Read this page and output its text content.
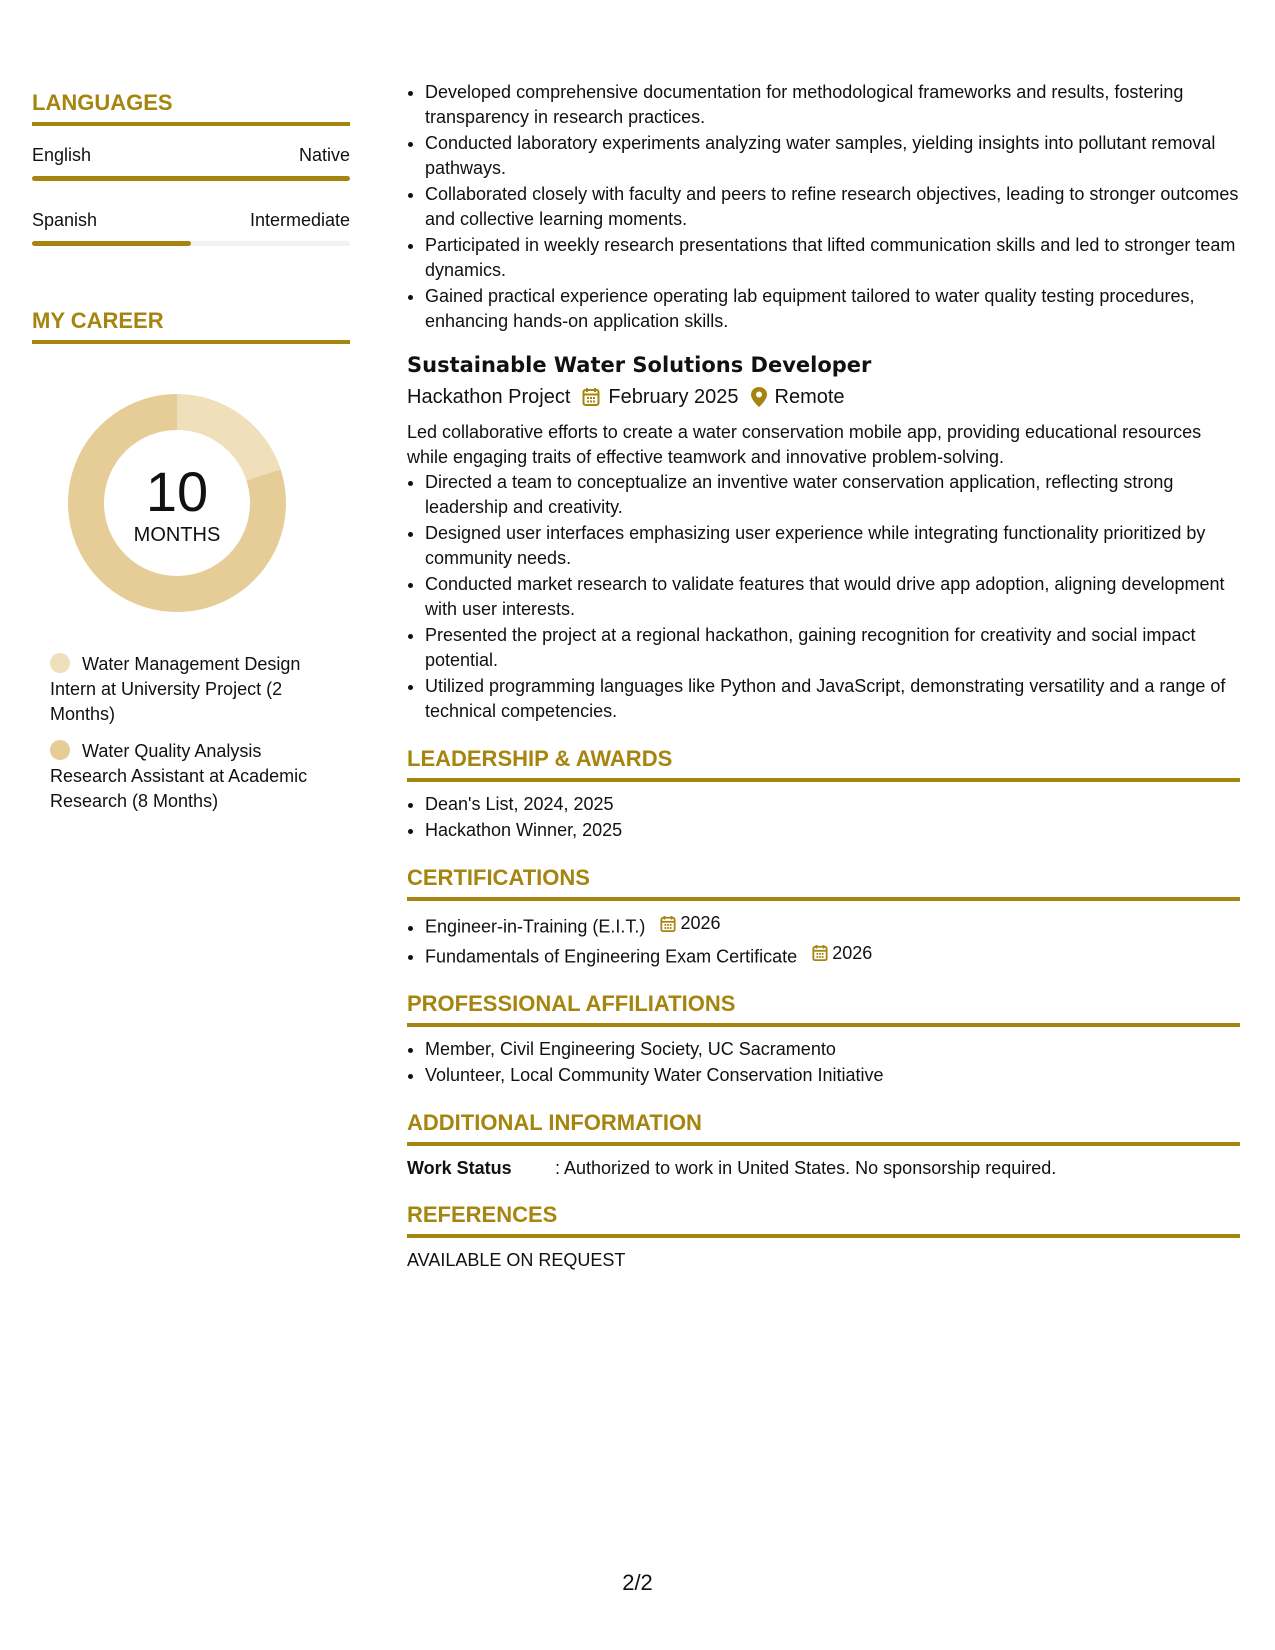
LANGUAGES
English	Native
Spanish	Intermediate
MY CAREER
10
MONTHS
Water Management Design Intern at University Project (2 Months)
Water Quality Analysis Research Assistant at Academic Research (8 Months)
• Developed comprehensive documentation for methodological frameworks and results, fostering transparency in research practices.
• Conducted laboratory experiments analyzing water samples, yielding insights into pollutant removal pathways.
• Collaborated closely with faculty and peers to refine research objectives, leading to stronger outcomes and collective learning moments.
• Participated in weekly research presentations that lifted communication skills and led to stronger team dynamics.
• Gained practical experience operating lab equipment tailored to water quality testing procedures, enhancing hands-on application skills.
Sustainable Water Solutions Developer
Hackathon Project February 2025 Remote
Led collaborative efforts to create a water conservation mobile app, providing educational resources while engaging traits of effective teamwork and innovative problem-solving.
• Directed a team to conceptualize an inventive water conservation application, reflecting strong leadership and creativity.
• Designed user interfaces emphasizing user experience while integrating functionality prioritized by community needs.
• Conducted market research to validate features that would drive app adoption, aligning development with user interests.
• Presented the project at a regional hackathon, gaining recognition for creativity and social impact potential.
• Utilized programming languages like Python and JavaScript, demonstrating versatility and a range of technical competencies.
LEADERSHIP & AWARDS
• Dean's List, 2024, 2025
• Hackathon Winner, 2025
CERTIFICATIONS
• Engineer-in-Training (E.I.T.) 2026
• Fundamentals of Engineering Exam Certificate 2026
PROFESSIONAL AFFILIATIONS
• Member, Civil Engineering Society, UC Sacramento
• Volunteer, Local Community Water Conservation Initiative
ADDITIONAL INFORMATION
Work Status	: Authorized to work in United States. No sponsorship required.
REFERENCES
AVAILABLE ON REQUEST
2/2
